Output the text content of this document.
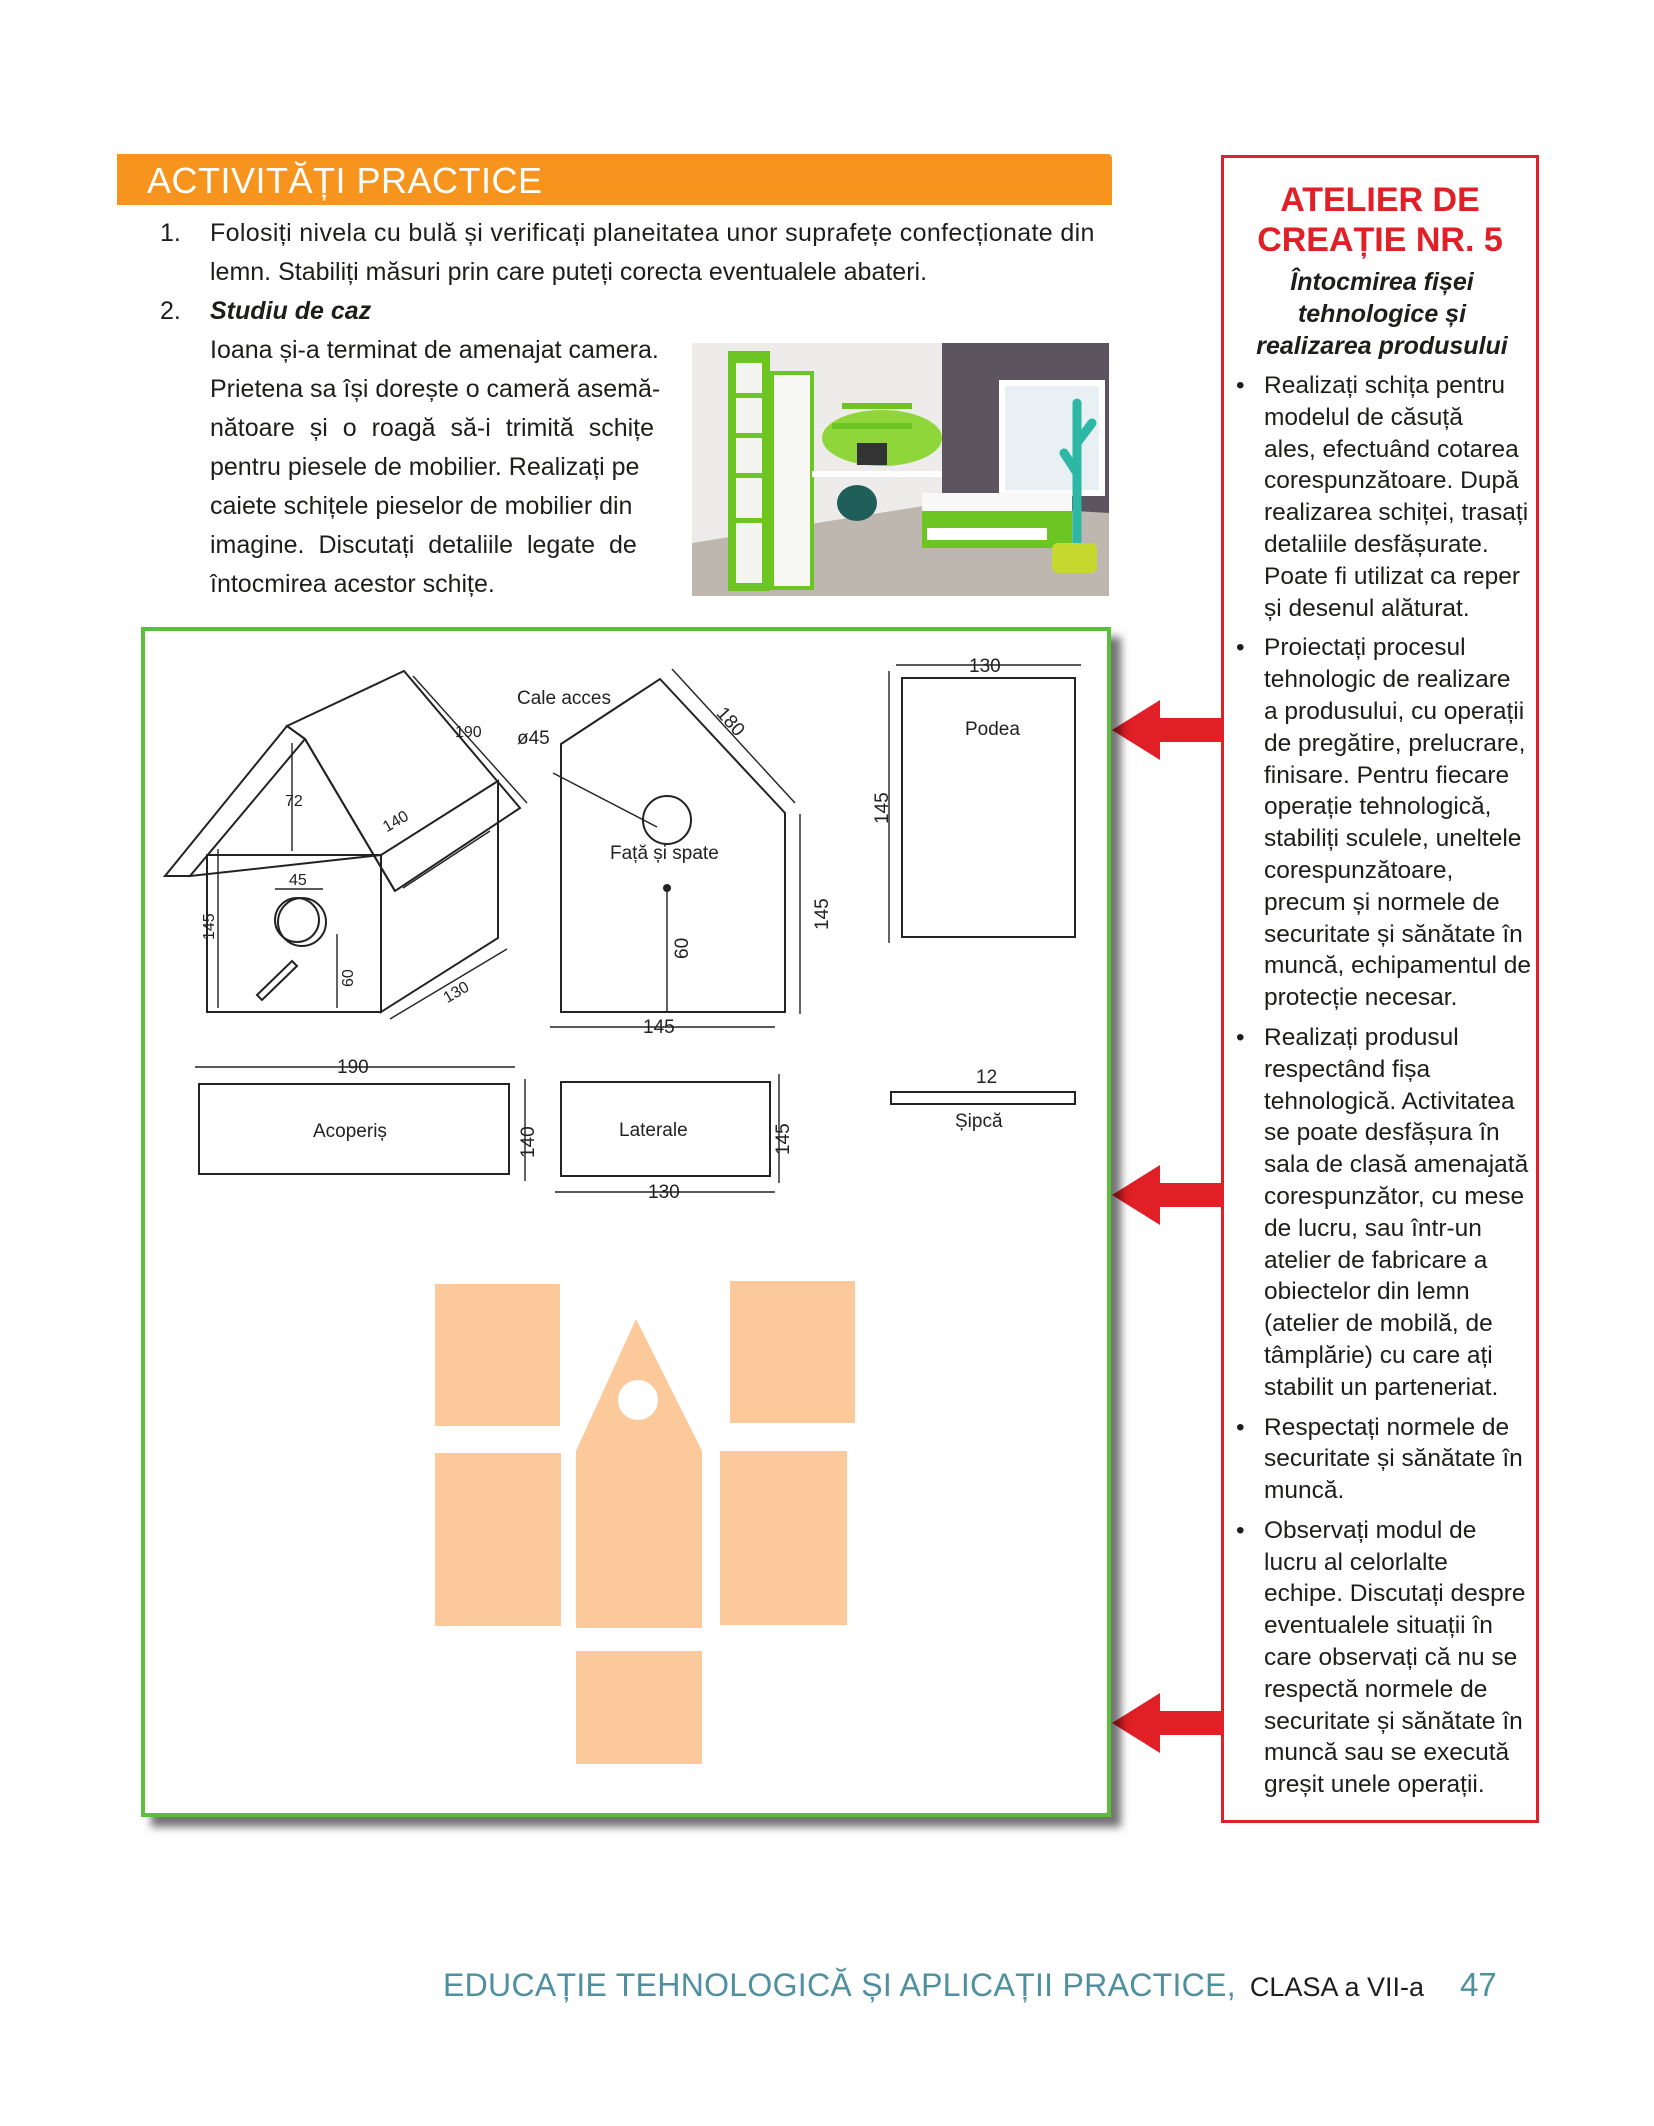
ACTIVITĂȚI PRACTICE
1. Folosiți nivela cu bulă și verificați planeitatea unor suprafețe confecționate din
lemn. Stabiliți măsuri prin care puteți corecta eventualele abateri.
2. Studiu de caz
Ioana și-a terminat de amenajat camera.
Prietena sa își dorește o cameră asemă-
nătoare și o roagă să-i trimită schițe
pentru piesele de mobilier. Realizați pe
caiete schițele pieselor de mobilier din
imagine. Discutați detaliile legate de
întocmirea acestor schițe.
ATELIER DE
CREAȚIE NR. 5
Întocmirea fișei
tehnologice și
realizarea produsului
• Realizați schița pentru
modelul de căsuță
ales, efectuând cotarea
corespunzătoare. După
realizarea schiței, trasați
detaliile desfășurate.
Poate fi utilizat ca reper
și desenul alăturat.
• Proiectați procesul
tehnologic de realizare
a produsului, cu operații
de pregătire, prelucrare,
finisare. Pentru fiecare
operație tehnologică,
stabiliți sculele, uneltele
corespunzătoare,
precum și normele de
securitate și sănătate în
muncă, echipamentul de
protecție necesar.
• Realizați produsul
respectând fișa
tehnologică. Activitatea
se poate desfășura în
sala de clasă amenajată
corespunzător, cu mese
de lucru, sau într-un
atelier de fabricare a
obiectelor din lemn
(atelier de mobilă, de
tâmplărie) cu care ați
stabilit un parteneriat.
• Respectați normele de
securitate și sănătate în
muncă.
• Observați modul de
lucru al celorlalte
echipe. Discutați despre
eventualele situații în
care observați că nu se
respectă normele de
securitate și sănătate în
muncă sau se execută
greșit unele operații.
Cale acces
ø45
Față și spate
Podea
Acoperiș	Laterale	Șipcă
190
72
140
45
145
60
130
180
145
60
145
130
145
190
140	145
130
12
EDUCAȚIE TEHNOLOGICĂ ȘI APLICAȚII PRACTICE, CLASA a VII-a 47
